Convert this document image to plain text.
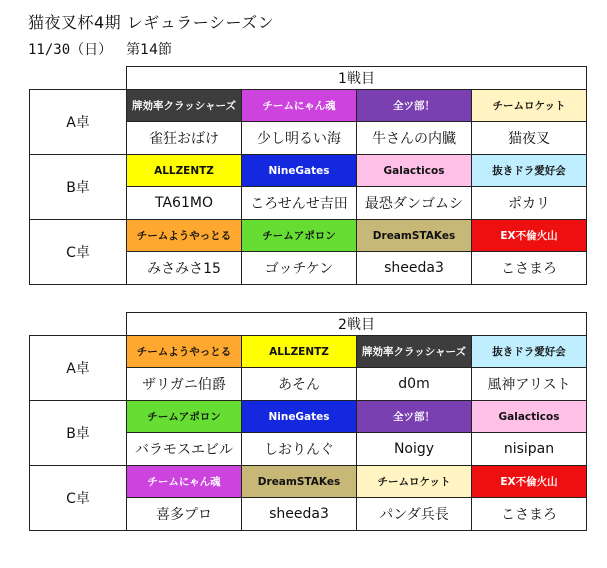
猫夜叉杯4期 レギュラーシーズン
11/30（日） 第14節
	1戦目			
A卓	牌効率クラッシャーズ	チームにゃん魂	全ツ部！	チームロケット
	雀狂おばけ	少し明るい海	牛さんの内臓	猫夜叉
B卓	ALLZENTZ	NineGates	Galacticos	抜きドラ愛好会
	TA61MO	ころせんせ吉田	最恐ダンゴムシ	ポカリ
C卓	チームようやっとる	チームアポロン	DreamSTAKes	EX不倫火山
	みさみさ15	ゴッチケン	sheeda3	こさまろ
	2戦目			
A卓	チームようやっとる	ALLZENTZ	牌効率クラッシャーズ	抜きドラ愛好会
	ザリガニ伯爵	あそん	d0m	風神アリスト
B卓	チームアポロン	NineGates	全ツ部！	Galacticos
	バラモスエビル	しおりんぐ	Noigy	nisipan
C卓	チームにゃん魂	DreamSTAKes	チームロケット	EX不倫火山
	喜多プロ	sheeda3	パンダ兵長	こさまろ
